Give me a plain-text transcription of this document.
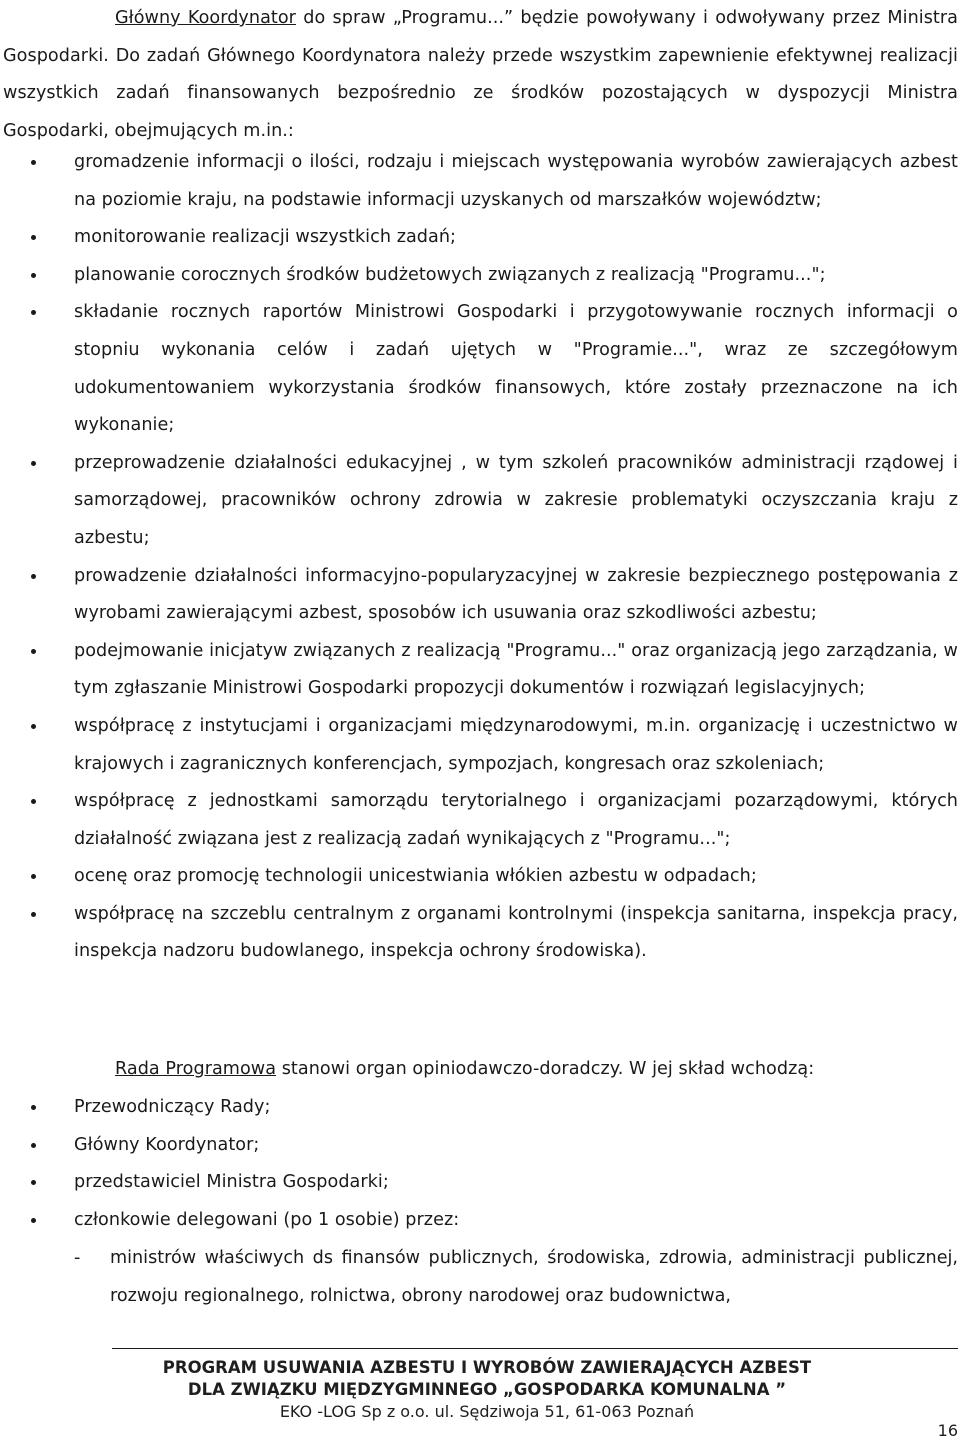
Główny Koordynator do spraw „Programu...” będzie powoływany i odwoływany przez Ministra Gospodarki. Do zadań Głównego Koordynatora należy przede wszystkim zapewnienie efektywnej realizacji wszystkich zadań finansowanych bezpośrednio ze środków pozostających w dyspozycji Ministra Gospodarki, obejmujących m.in.:

gromadzenie informacji o ilości, rodzaju i miejscach występowania wyrobów zawierających azbest na poziomie kraju, na podstawie informacji uzyskanych od marszałków województw;
monitorowanie realizacji wszystkich zadań;
planowanie corocznych środków budżetowych związanych z realizacją "Programu...";
składanie rocznych raportów Ministrowi Gospodarki i przygotowywanie rocznych informacji o stopniu wykonania celów i zadań ujętych w "Programie...", wraz ze szczegółowym udokumentowaniem wykorzystania środków finansowych, które zostały przeznaczone na ich wykonanie;
przeprowadzenie działalności edukacyjnej , w tym szkoleń pracowników administracji rządowej i samorządowej, pracowników ochrony zdrowia w zakresie problematyki oczyszczania kraju z azbestu;
prowadzenie działalności informacyjno-popularyzacyjnej w zakresie bezpiecznego postępowania z wyrobami zawierającymi azbest, sposobów ich usuwania oraz szkodliwości azbestu;
podejmowanie inicjatyw związanych z realizacją "Programu..." oraz organizacją jego zarządzania, w tym zgłaszanie Ministrowi Gospodarki propozycji dokumentów i rozwiązań legislacyjnych;
współpracę z instytucjami i organizacjami międzynarodowymi, m.in. organizację i uczestnictwo w krajowych i zagranicznych konferencjach, sympozjach, kongresach oraz szkoleniach;
współpracę z jednostkami samorządu terytorialnego i organizacjami pozarządowymi, których działalność związana jest z realizacją zadań wynikających z "Programu...";
ocenę oraz promocję technologii unicestwiania włókien azbestu w odpadach;
współpracę na szczeblu centralnym z organami kontrolnymi (inspekcja sanitarna, inspekcja pracy, inspekcja nadzoru budowlanego, inspekcja ochrony środowiska).

Rada Programowa stanowi organ opiniodawczo-doradczy. W jej skład wchodzą:

Przewodniczący Rady;
Główny Koordynator;
przedstawiciel Ministra Gospodarki;
członkowie delegowani (po 1 osobie) przez:

- ministrów właściwych ds finansów publicznych, środowiska, zdrowia, administracji publicznej, rozwoju regionalnego, rolnictwa, obrony narodowej oraz budownictwa,

PROGRAM USUWANIA AZBESTU I WYROBÓW ZAWIERAJĄCYCH AZBEST
DLA ZWIĄZKU MIĘDZYGMINNEGO „GOSPODARKA KOMUNALNA ”
EKO -LOG Sp z o.o. ul. Sędziwoja 51, 61-063 Poznań
16
